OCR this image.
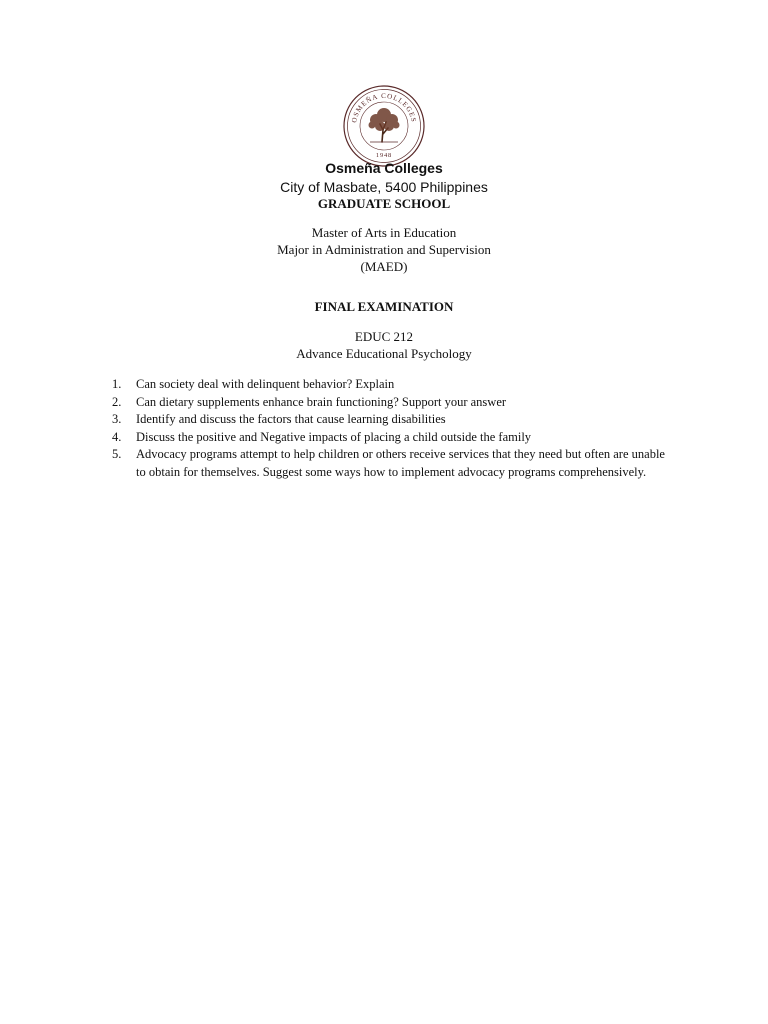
OSMEÑA COLLEGES
1948
Osmeña Colleges
City of Masbate, 5400 Philippines
GRADUATE SCHOOL
Master of Arts in Education
Major in Administration and Supervision
(MAED)
FINAL EXAMINATION
EDUC 212
Advance Educational Psychology
1. Can society deal with delinquent behavior? Explain
2. Can dietary supplements enhance brain functioning? Support your answer
3. Identify and discuss the factors that cause learning disabilities
4. Discuss the positive and Negative impacts of placing a child outside the family
5. Advocacy programs attempt to help children or others receive services that they need but often are unable to obtain for themselves. Suggest some ways how to implement advocacy programs comprehensively.
